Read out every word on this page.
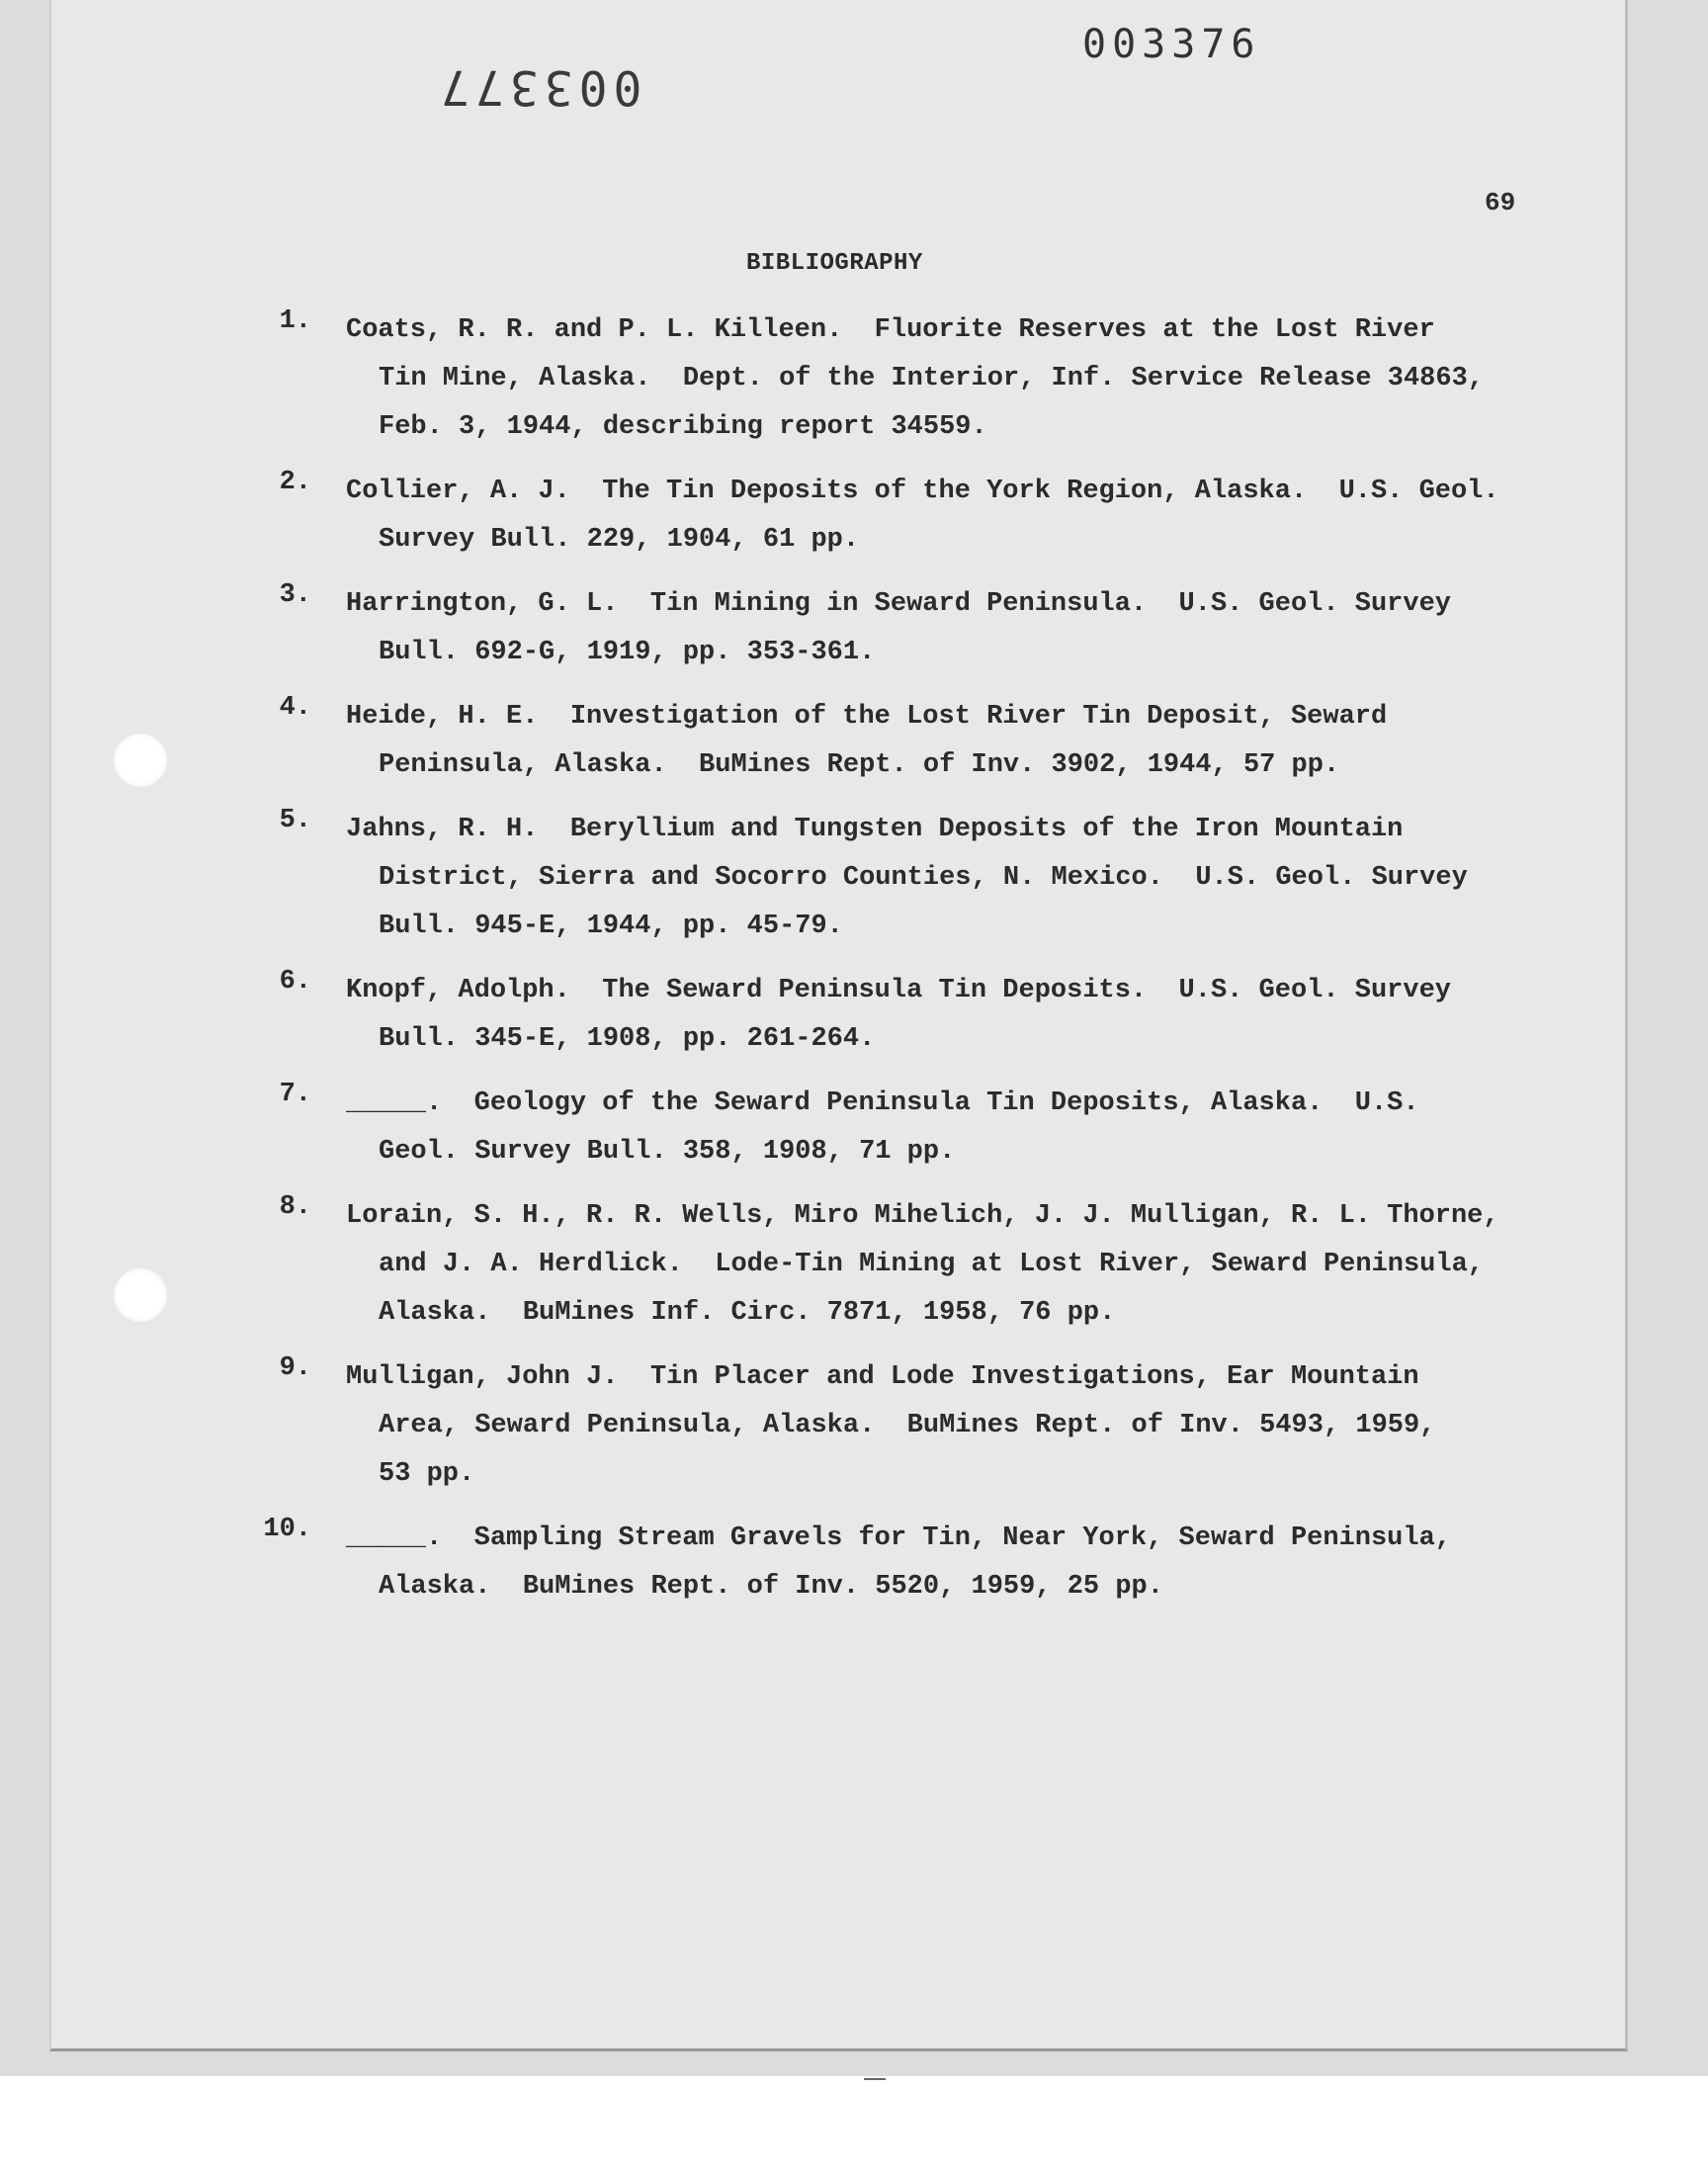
003376
003377
69
BIBLIOGRAPHY
1. Coats, R. R. and P. L. Killeen.  Fluorite Reserves at the Lost River
Tin Mine, Alaska.  Dept. of the Interior, Inf. Service Release 34863,
Feb. 3, 1944, describing report 34559.
2. Collier, A. J.  The Tin Deposits of the York Region, Alaska.  U.S. Geol.
Survey Bull. 229, 1904, 61 pp.
3. Harrington, G. L.  Tin Mining in Seward Peninsula.  U.S. Geol. Survey
Bull. 692-G, 1919, pp. 353-361.
4. Heide, H. E.  Investigation of the Lost River Tin Deposit, Seward
Peninsula, Alaska.  BuMines Rept. of Inv. 3902, 1944, 57 pp.
5. Jahns, R. H.  Beryllium and Tungsten Deposits of the Iron Mountain
District, Sierra and Socorro Counties, N. Mexico.  U.S. Geol. Survey
Bull. 945-E, 1944, pp. 45-79.
6. Knopf, Adolph.  The Seward Peninsula Tin Deposits.  U.S. Geol. Survey
Bull. 345-E, 1908, pp. 261-264.
7. _____.  Geology of the Seward Peninsula Tin Deposits, Alaska.  U.S.
Geol. Survey Bull. 358, 1908, 71 pp.
8. Lorain, S. H., R. R. Wells, Miro Mihelich, J. J. Mulligan, R. L. Thorne,
and J. A. Herdlick.  Lode-Tin Mining at Lost River, Seward Peninsula,
Alaska.  BuMines Inf. Circ. 7871, 1958, 76 pp.
9. Mulligan, John J.  Tin Placer and Lode Investigations, Ear Mountain
Area, Seward Peninsula, Alaska.  BuMines Rept. of Inv. 5493, 1959,
53 pp.
10. _____.  Sampling Stream Gravels for Tin, Near York, Seward Peninsula,
Alaska.  BuMines Rept. of Inv. 5520, 1959, 25 pp.
